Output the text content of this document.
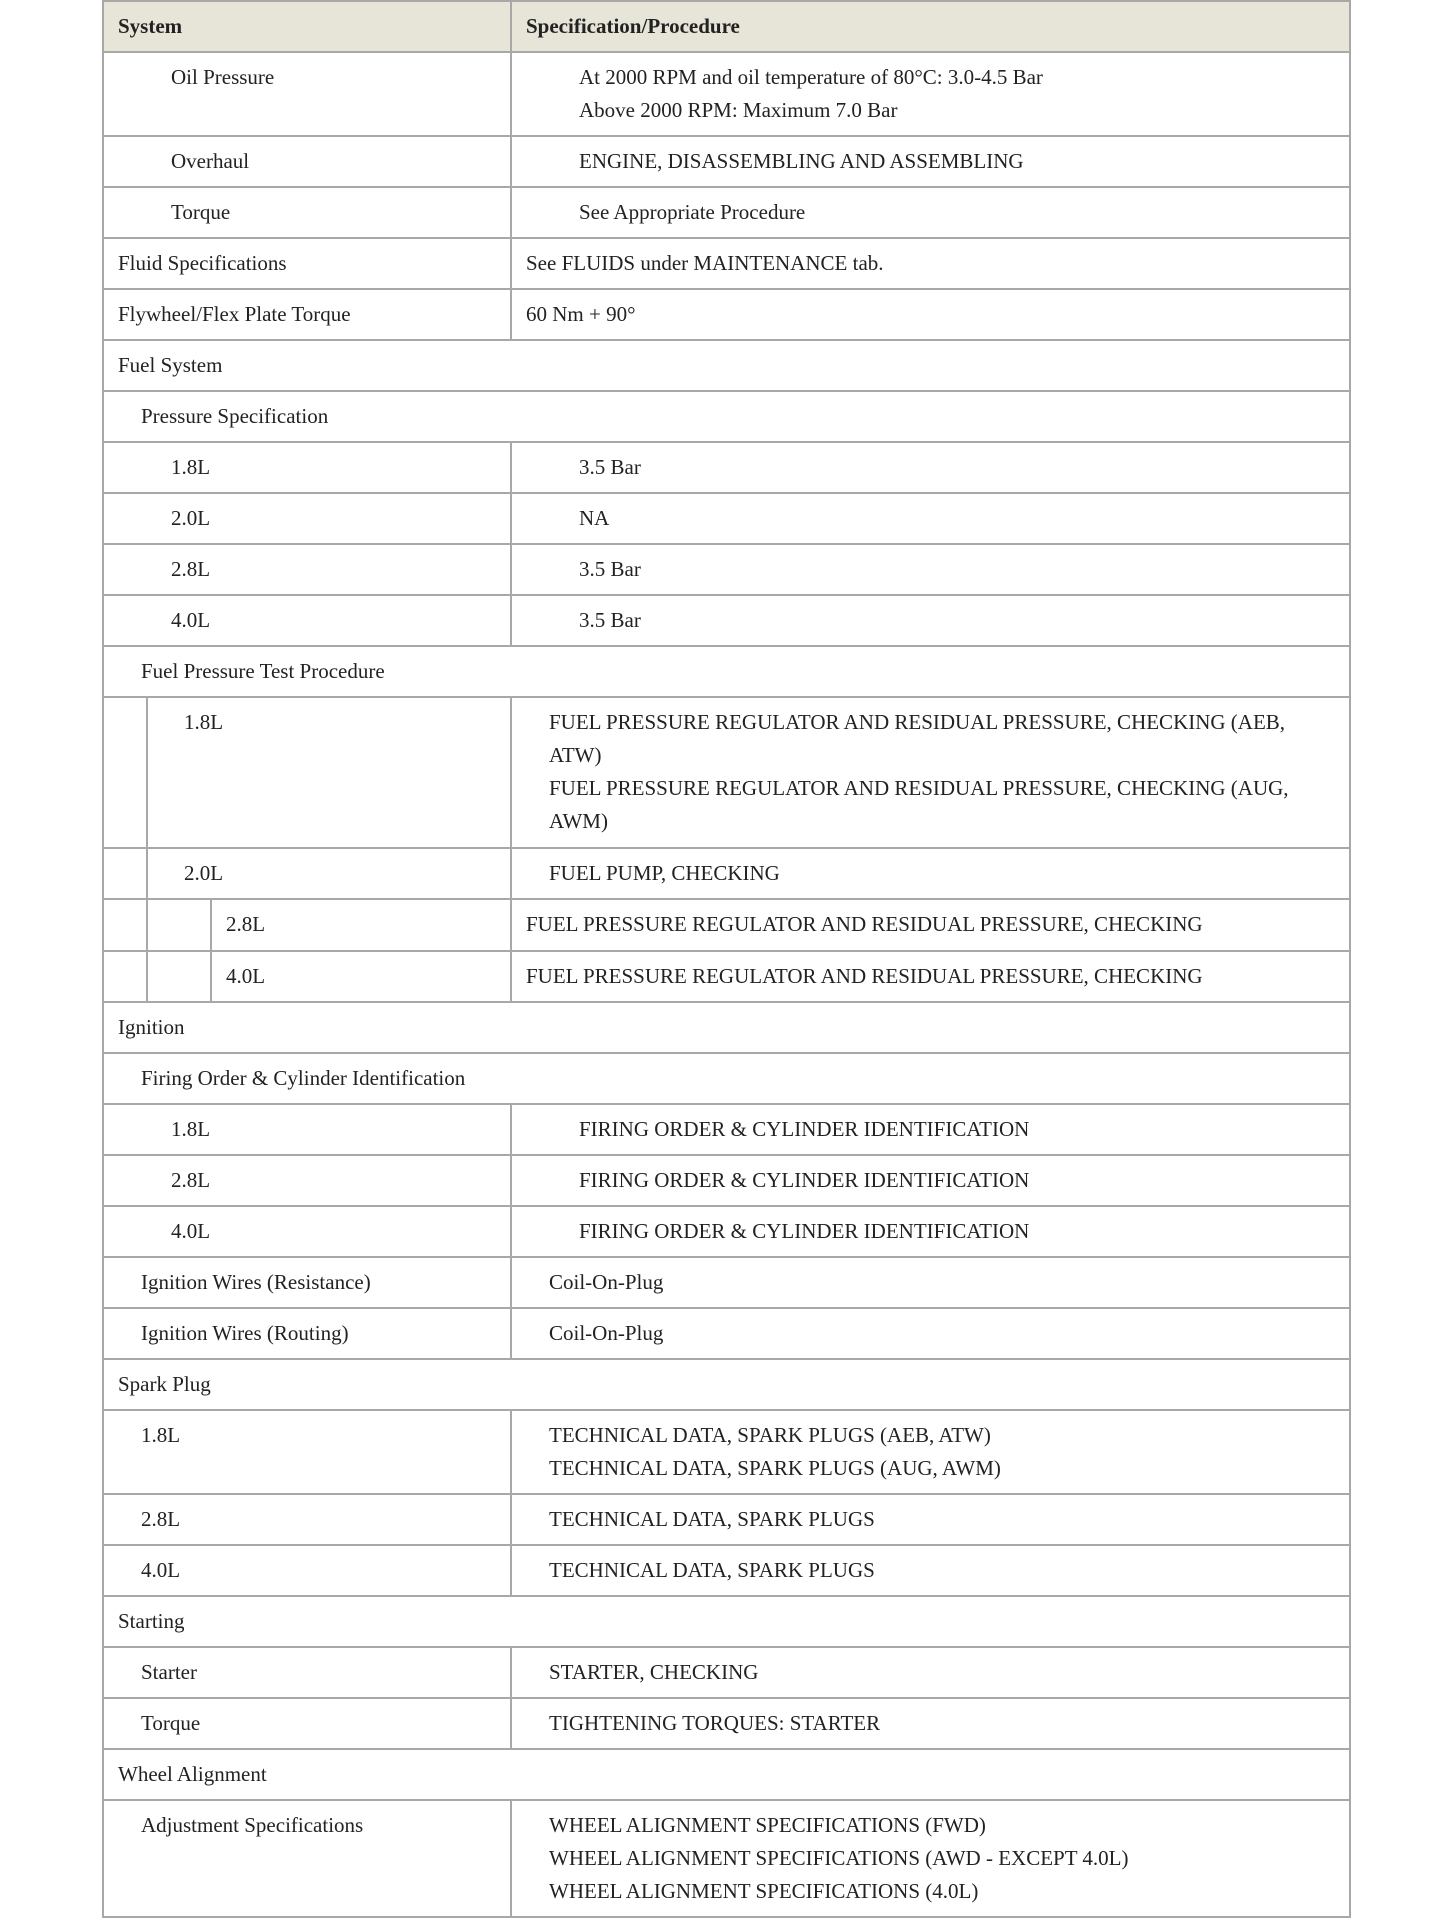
System	Specification/Procedure

Oil Pressure	At 2000 RPM and oil temperature of 80°C: 3.0-4.5 Bar
Above 2000 RPM: Maximum 7.0 Bar

Overhaul	ENGINE, DISASSEMBLING AND ASSEMBLING

Torque	See Appropriate Procedure

Fluid Specifications	See FLUIDS under MAINTENANCE tab.

Flywheel/Flex Plate Torque	60 Nm + 90°

Fuel System	

Pressure Specification	

1.8L	3.5 Bar

2.0L	NA

2.8L	3.5 Bar

4.0L	3.5 Bar

Fuel Pressure Test Procedure	

1.8L	FUEL PRESSURE REGULATOR AND RESIDUAL PRESSURE, CHECKING (AEB, ATW)
FUEL PRESSURE REGULATOR AND RESIDUAL PRESSURE, CHECKING (AUG, AWM)

2.0L	FUEL PUMP, CHECKING

2.8L	FUEL PRESSURE REGULATOR AND RESIDUAL PRESSURE, CHECKING

4.0L	FUEL PRESSURE REGULATOR AND RESIDUAL PRESSURE, CHECKING

Ignition	

Firing Order & Cylinder Identification	

1.8L	FIRING ORDER & CYLINDER IDENTIFICATION

2.8L	FIRING ORDER & CYLINDER IDENTIFICATION

4.0L	FIRING ORDER & CYLINDER IDENTIFICATION

Ignition Wires (Resistance)	Coil-On-Plug

Ignition Wires (Routing)	Coil-On-Plug

Spark Plug	

1.8L	TECHNICAL DATA, SPARK PLUGS (AEB, ATW)
TECHNICAL DATA, SPARK PLUGS (AUG, AWM)

2.8L	TECHNICAL DATA, SPARK PLUGS

4.0L	TECHNICAL DATA, SPARK PLUGS

Starting	

Starter	STARTER, CHECKING

Torque	TIGHTENING TORQUES: STARTER

Wheel Alignment	

Adjustment Specifications	WHEEL ALIGNMENT SPECIFICATIONS (FWD)
WHEEL ALIGNMENT SPECIFICATIONS (AWD - EXCEPT 4.0L)
WHEEL ALIGNMENT SPECIFICATIONS (4.0L)
